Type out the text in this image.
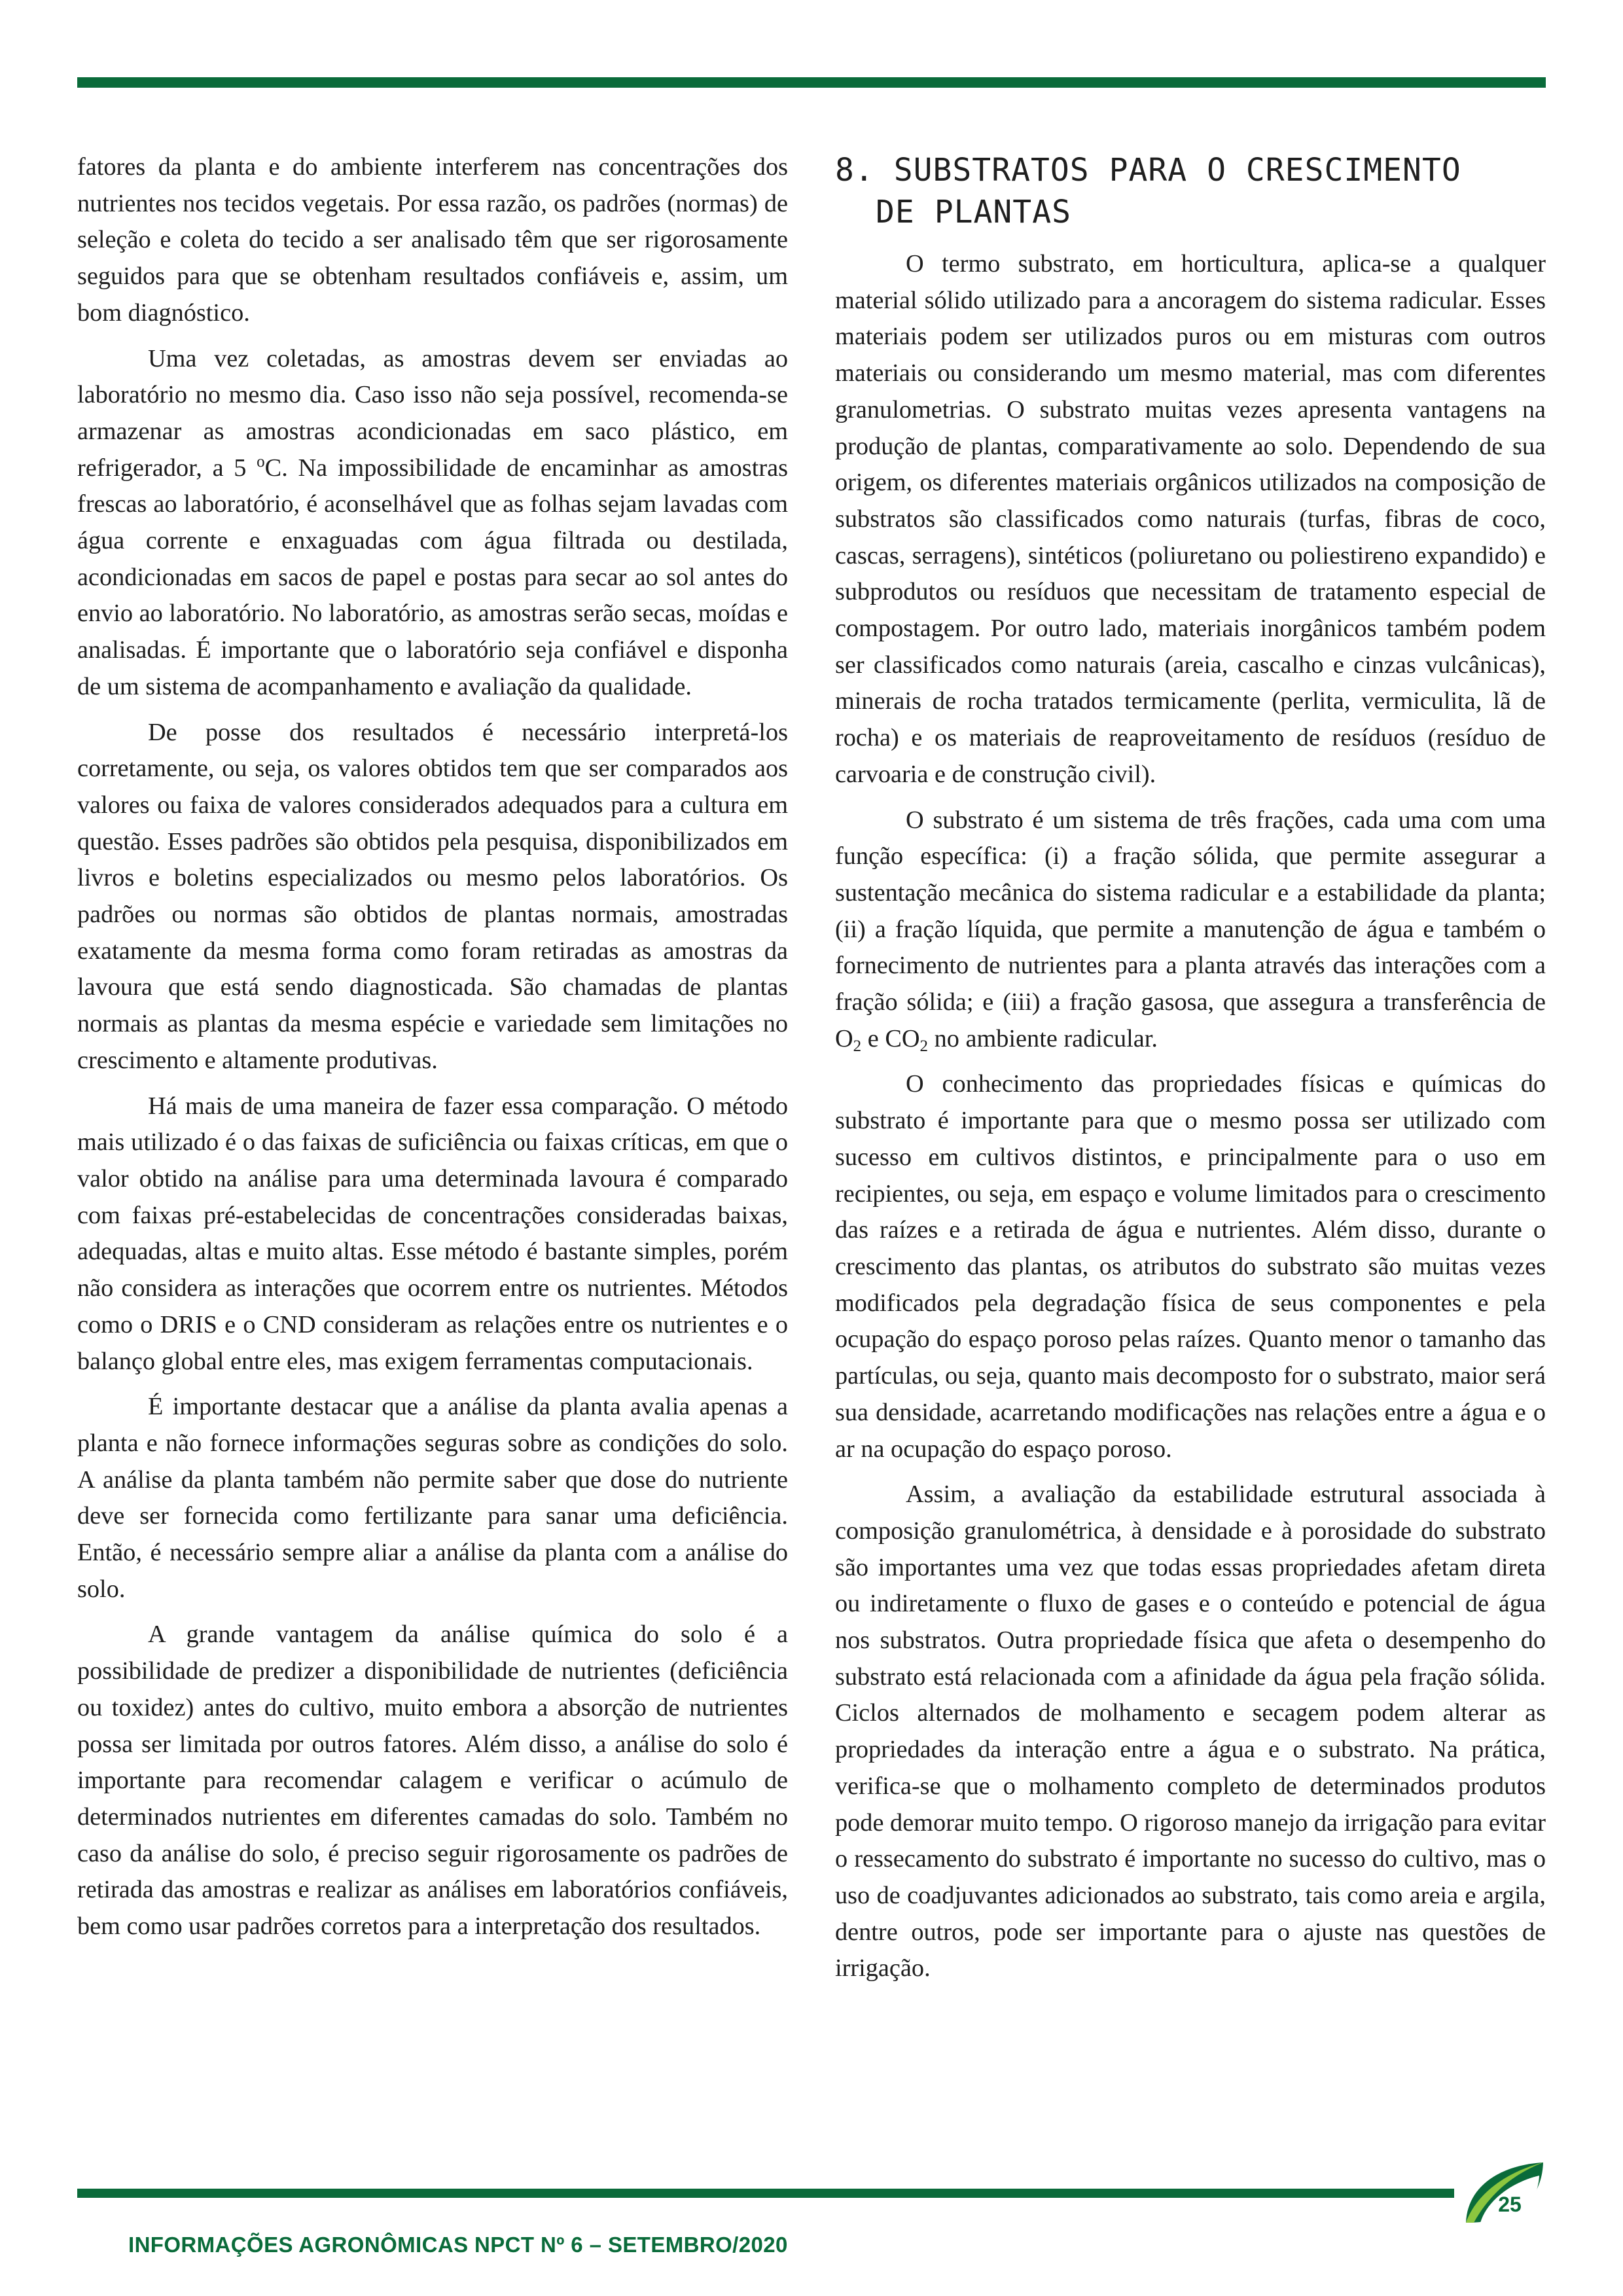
fatores da planta e do ambiente interferem nas concentrações dos nutrientes nos tecidos vegetais. Por essa razão, os padrões (normas) de seleção e coleta do tecido a ser analisado têm que ser rigorosamente seguidos para que se obtenham resultados confiáveis e, assim, um bom diagnóstico.

Uma vez coletadas, as amostras devem ser enviadas ao laboratório no mesmo dia. Caso isso não seja possível, recomenda-se armazenar as amostras acondicionadas em saco plástico, em refrigerador, a 5 $^o$C. Na impossibilidade de encaminhar as amostras frescas ao laboratório, é aconselhável que as folhas sejam lavadas com água corrente e enxaguadas com água filtrada ou destilada, acondicionadas em sacos de papel e postas para secar ao sol antes do envio ao laboratório. No laboratório, as amostras serão secas, moídas e analisadas. É importante que o laboratório seja confiável e disponha de um sistema de acompanhamento e avaliação da qualidade.

De posse dos resultados é necessário interpretá-los corretamente, ou seja, os valores obtidos tem que ser comparados aos valores ou faixa de valores considerados adequados para a cultura em questão. Esses padrões são obtidos pela pesquisa, disponibilizados em livros e boletins especializados ou mesmo pelos laboratórios. Os padrões ou normas são obtidos de plantas normais, amostradas exatamente da mesma forma como foram retiradas as amostras da lavoura que está sendo diagnosticada. São chamadas de plantas normais as plantas da mesma espécie e variedade sem limitações no crescimento e altamente produtivas.

Há mais de uma maneira de fazer essa comparação. O método mais utilizado é o das faixas de suficiência ou faixas críticas, em que o valor obtido na análise para uma determinada lavoura é comparado com faixas pré-estabelecidas de concentrações consideradas baixas, adequadas, altas e muito altas. Esse método é bastante simples, porém não considera as interações que ocorrem entre os nutrientes. Métodos como o DRIS e o CND consideram as relações entre os nutrientes e o balanço global entre eles, mas exigem ferramentas computacionais.

É importante destacar que a análise da planta avalia apenas a planta e não fornece informações seguras sobre as condições do solo. A análise da planta também não permite saber que dose do nutriente deve ser fornecida como fertilizante para sanar uma deficiência. Então, é necessário sempre aliar a análise da planta com a análise do solo.

A grande vantagem da análise química do solo é a possibilidade de predizer a disponibilidade de nutrientes (deficiência ou toxidez) antes do cultivo, muito embora a absorção de nutrientes possa ser limitada por outros fatores. Além disso, a análise do solo é importante para recomendar calagem e verificar o acúmulo de determinados nutrientes em diferentes camadas do solo. Também no caso da análise do solo, é preciso seguir rigorosamente os padrões de retirada das amostras e realizar as análises em laboratórios confiáveis, bem como usar padrões corretos para a interpretação dos resultados.

8. SUBSTRATOS PARA O CRESCIMENTO
DE PLANTAS

O termo substrato, em horticultura, aplica-se a qualquer material sólido utilizado para a ancoragem do sistema radicular. Esses materiais podem ser utilizados puros ou em misturas com outros materiais ou considerando um mesmo material, mas com diferentes granulometrias. O substrato muitas vezes apresenta vantagens na produção de plantas, comparativamente ao solo. Dependendo de sua origem, os diferentes materiais orgânicos utilizados na composição de substratos são classificados como naturais (turfas, fibras de coco, cascas, serragens), sintéticos (poliuretano ou poliestireno expandido) e subprodutos ou resíduos que necessitam de tratamento especial de compostagem. Por outro lado, materiais inorgânicos também podem ser classificados como naturais (areia, cascalho e cinzas vulcânicas), minerais de rocha tratados termicamente (perlita, vermiculita, lã de rocha) e os materiais de reaproveitamento de resíduos (resíduo de carvoaria e de construção civil).

O substrato é um sistema de três frações, cada uma com uma função específica: (i) a fração sólida, que permite assegurar a sustentação mecânica do sistema radicular e a estabilidade da planta; (ii) a fração líquida, que permite a manutenção de água e também o fornecimento de nutrientes para a planta através das interações com a fração sólida; e (iii) a fração gasosa, que assegura a transferência de $O_2$ e $CO_2$ no ambiente radicular.

O conhecimento das propriedades físicas e químicas do substrato é importante para que o mesmo possa ser utilizado com sucesso em cultivos distintos, e principalmente para o uso em recipientes, ou seja, em espaço e volume limitados para o crescimento das raízes e a retirada de água e nutrientes. Além disso, durante o crescimento das plantas, os atributos do substrato são muitas vezes modificados pela degradação física de seus componentes e pela ocupação do espaço poroso pelas raízes. Quanto menor o tamanho das partículas, ou seja, quanto mais decomposto for o substrato, maior será sua densidade, acarretando modificações nas relações entre a água e o ar na ocupação do espaço poroso.

Assim, a avaliação da estabilidade estrutural associada à composição granulométrica, à densidade e à porosidade do substrato são importantes uma vez que todas essas propriedades afetam direta ou indiretamente o fluxo de gases e o conteúdo e potencial de água nos substratos. Outra propriedade física que afeta o desempenho do substrato está relacionada com a afinidade da água pela fração sólida. Ciclos alternados de molhamento e secagem podem alterar as propriedades da interação entre a água e o substrato. Na prática, verifica-se que o molhamento completo de determinados produtos pode demorar muito tempo. O rigoroso manejo da irrigação para evitar o ressecamento do substrato é importante no sucesso do cultivo, mas o uso de coadjuvantes adicionados ao substrato, tais como areia e argila, dentre outros, pode ser importante para o ajuste nas questões de irrigação.

25
INFORMAÇÕES AGRONÔMICAS NPCT Nº 6 – SETEMBRO/2020
